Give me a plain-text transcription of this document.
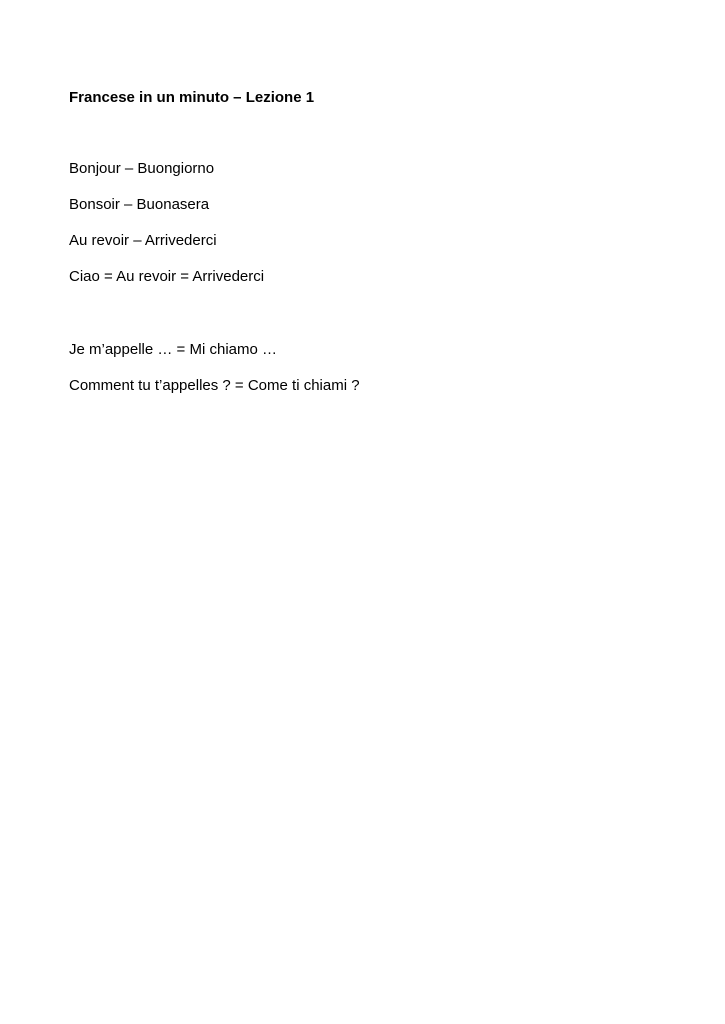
Francese in un minuto – Lezione 1
Bonjour – Buongiorno
Bonsoir – Buonasera
Au revoir – Arrivederci
Ciao = Au revoir = Arrivederci
Je m’appelle … = Mi chiamo …
Comment tu t’appelles ? = Come ti chiami ?
